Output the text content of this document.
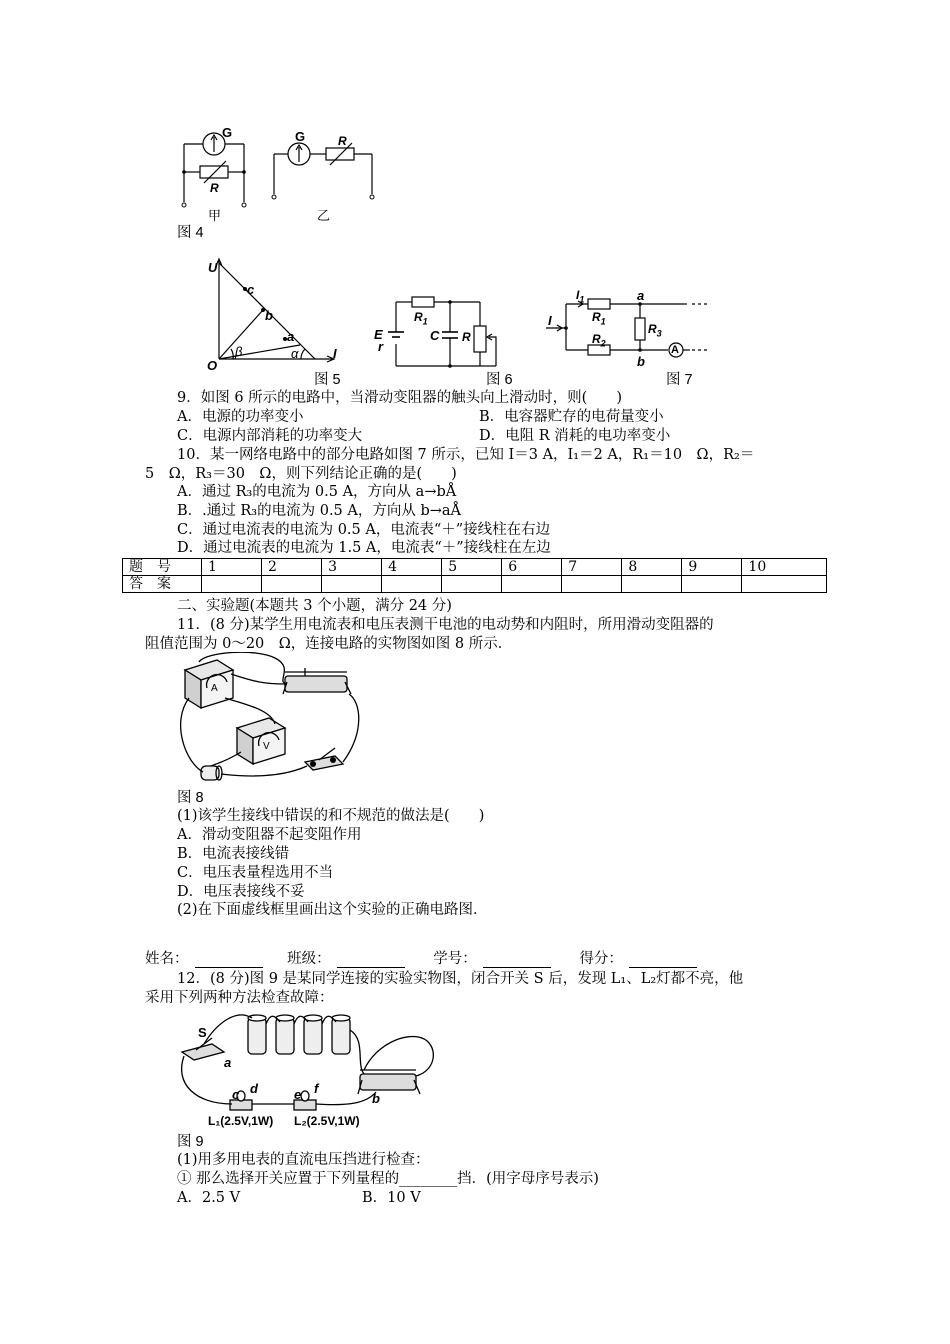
G
R
G	R
甲	乙
图 4
U
c
b
a
β	α
O
I
图 5
$R_1$
E
r
C R
图 6
$I_1$	a
$R_1$
I
$R_3$
$R_2$
A
b
图 7
9．如图 6 所示的电路中，当滑动变阻器的触头向上滑动时，则(　　)
A．电源的功率变小	B．电容器贮存的电荷量变小
C．电源内部消耗的功率变大	D．电阻 R 消耗的电功率变小
10．某一网络电路中的部分电路如图 7 所示，已知 I＝3 A，I₁＝2 A，R₁＝10　Ω，R₂＝
5　Ω，R₃＝30　Ω，则下列结论正确的是(　　)
A．通过 R₃的电流为 0.5 A，方向从 a→bÅ
B．.通过 R₃的电流为 0.5 A，方向从 b→aÅ
C．通过电流表的电流为 0.5 A，电流表“＋”接线柱在右边
D．通过电流表的电流为 1.5 A，电流表“＋”接线柱在左边
题　号	1	2	3	4	5	6	7	8	9	10
答　案										
二、实验题(本题共 3 个小题，满分 24 分)
11．(8 分)某学生用电流表和电压表测干电池的电动势和内阻时，所用滑动变阻器的
阻值范围为 0～20　Ω，连接电路的实物图如图 8 所示．
A
V
图 8
(1)该学生接线中错误的和不规范的做法是(　　)
A．滑动变阻器不起变阻作用
B．电流表接线错
C．电压表量程选用不当
D．电压表接线不妥
(2)在下面虚线框里画出这个实验的正确电路图．
姓名：	班级：	学号：	得分：
12．(8 分)图 9 是某同学连接的实验实物图，闭合开关 S 后，发现 L₁、L₂灯都不亮，他
采用下列两种方法检查故障：
S
a
b
c d	e f
L₁(2.5V,1W) L₂(2.5V,1W)
图 9
(1)用多用电表的直流电压挡进行检查：
① 那么选择开关应置于下列量程的________挡．(用字母序号表示)
A．2.5 V	B．10 V
